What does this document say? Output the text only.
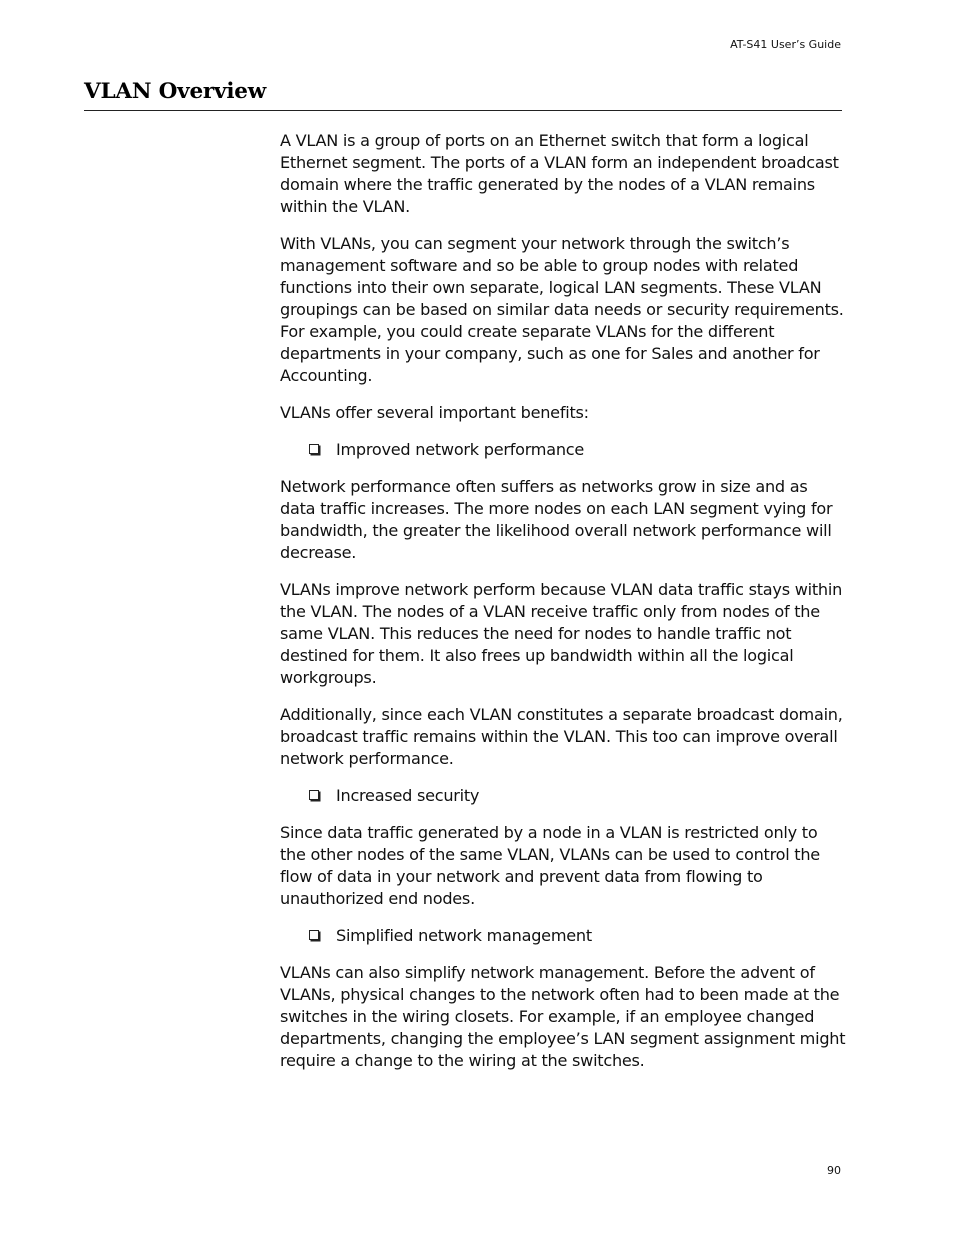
AT-S41 User’s Guide
VLAN Overview

A VLAN is a group of ports on an Ethernet switch that form a logical Ethernet segment. The ports of a VLAN form an independent broadcast domain where the traffic generated by the nodes of a VLAN remains within the VLAN.

With VLANs, you can segment your network through the switch’s management software and so be able to group nodes with related functions into their own separate, logical LAN segments. These VLAN groupings can be based on similar data needs or security requirements. For example, you could create separate VLANs for the different departments in your company, such as one for Sales and another for Accounting.

VLANs offer several important benefits:

Improved network performance

Network performance often suffers as networks grow in size and as data traffic increases. The more nodes on each LAN segment vying for bandwidth, the greater the likelihood overall network performance will decrease.

VLANs improve network perform because VLAN data traffic stays within the VLAN. The nodes of a VLAN receive traffic only from nodes of the same VLAN. This reduces the need for nodes to handle traffic not destined for them. It also frees up bandwidth within all the logical workgroups.

Additionally, since each VLAN constitutes a separate broadcast domain, broadcast traffic remains within the VLAN. This too can improve overall network performance.

Increased security

Since data traffic generated by a node in a VLAN is restricted only to the other nodes of the same VLAN, VLANs can be used to control the flow of data in your network and prevent data from flowing to unauthorized end nodes.

Simplified network management

VLANs can also simplify network management. Before the advent of VLANs, physical changes to the network often had to been made at the switches in the wiring closets. For example, if an employee changed departments, changing the employee’s LAN segment assignment might require a change to the wiring at the switches.

90
